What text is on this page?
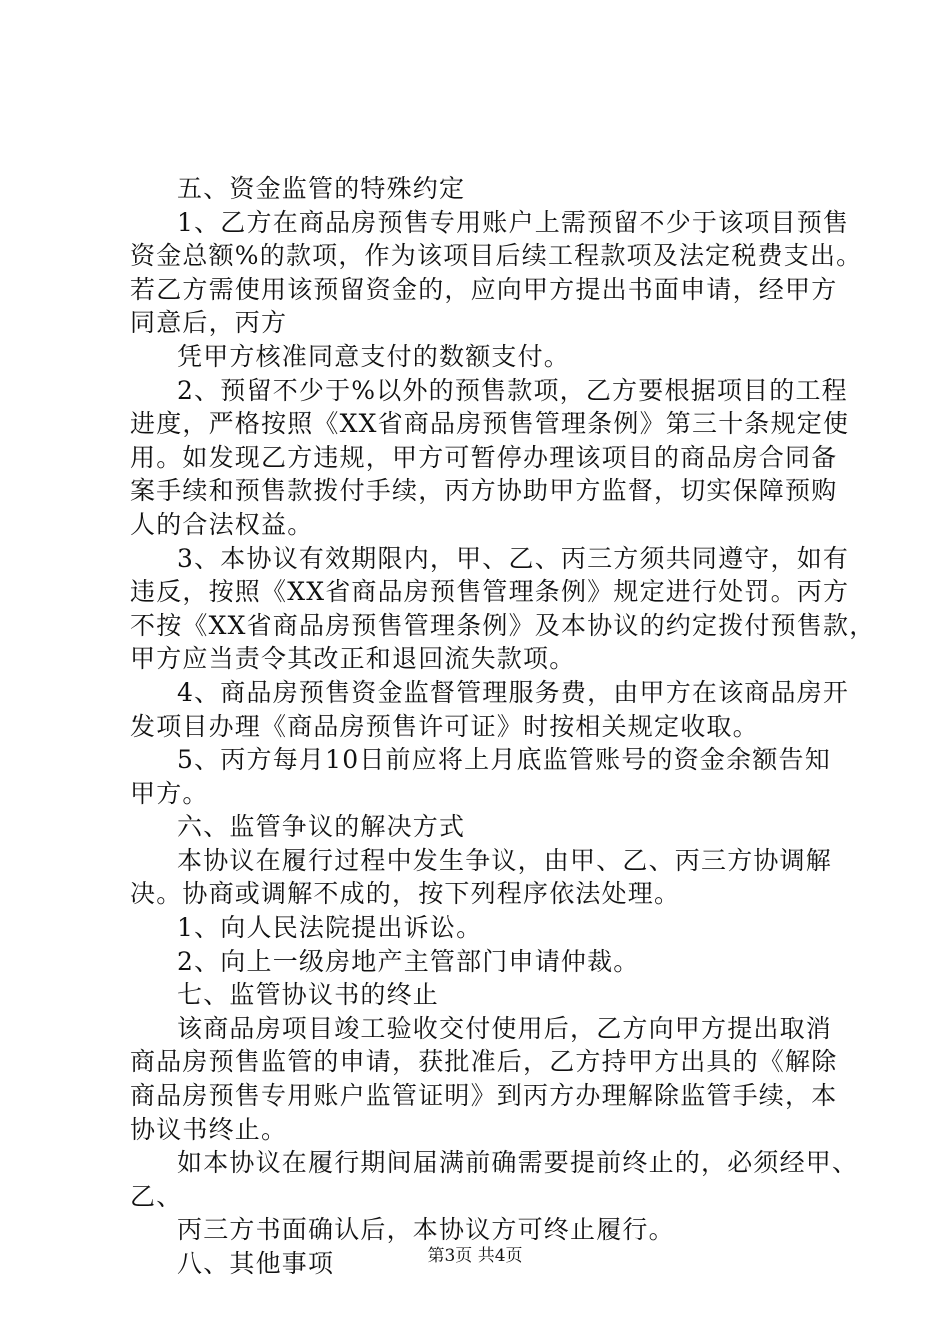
五、资金监管的特殊约定
1、乙方在商品房预售专用账户上需预留不少于该项目预售
资金总额%的款项，作为该项目后续工程款项及法定税费支出。
若乙方需使用该预留资金的，应向甲方提出书面申请，经甲方
同意后，丙方
凭甲方核准同意支付的数额支付。
2、预留不少于%以外的预售款项，乙方要根据项目的工程
进度，严格按照《XX省商品房预售管理条例》第三十条规定使
用。如发现乙方违规，甲方可暂停办理该项目的商品房合同备
案手续和预售款拨付手续，丙方协助甲方监督，切实保障预购
人的合法权益。
3、本协议有效期限内，甲、乙、丙三方须共同遵守，如有
违反，按照《XX省商品房预售管理条例》规定进行处罚。丙方
不按《XX省商品房预售管理条例》及本协议的约定拨付预售款，
甲方应当责令其改正和退回流失款项。
4、商品房预售资金监督管理服务费，由甲方在该商品房开
发项目办理《商品房预售许可证》时按相关规定收取。
5、丙方每月10日前应将上月底监管账号的资金余额告知
甲方。
六、监管争议的解决方式
本协议在履行过程中发生争议，由甲、乙、丙三方协调解
决。协商或调解不成的，按下列程序依法处理。
1、向人民法院提出诉讼。
2、向上一级房地产主管部门申请仲裁。
七、监管协议书的终止
该商品房项目竣工验收交付使用后，乙方向甲方提出取消
商品房预售监管的申请，获批准后，乙方持甲方出具的《解除
商品房预售专用账户监管证明》到丙方办理解除监管手续，本
协议书终止。
如本协议在履行期间届满前确需要提前终止的，必须经甲、
乙、
丙三方书面确认后，本协议方可终止履行。
八、其他事项	第3页 共4页
